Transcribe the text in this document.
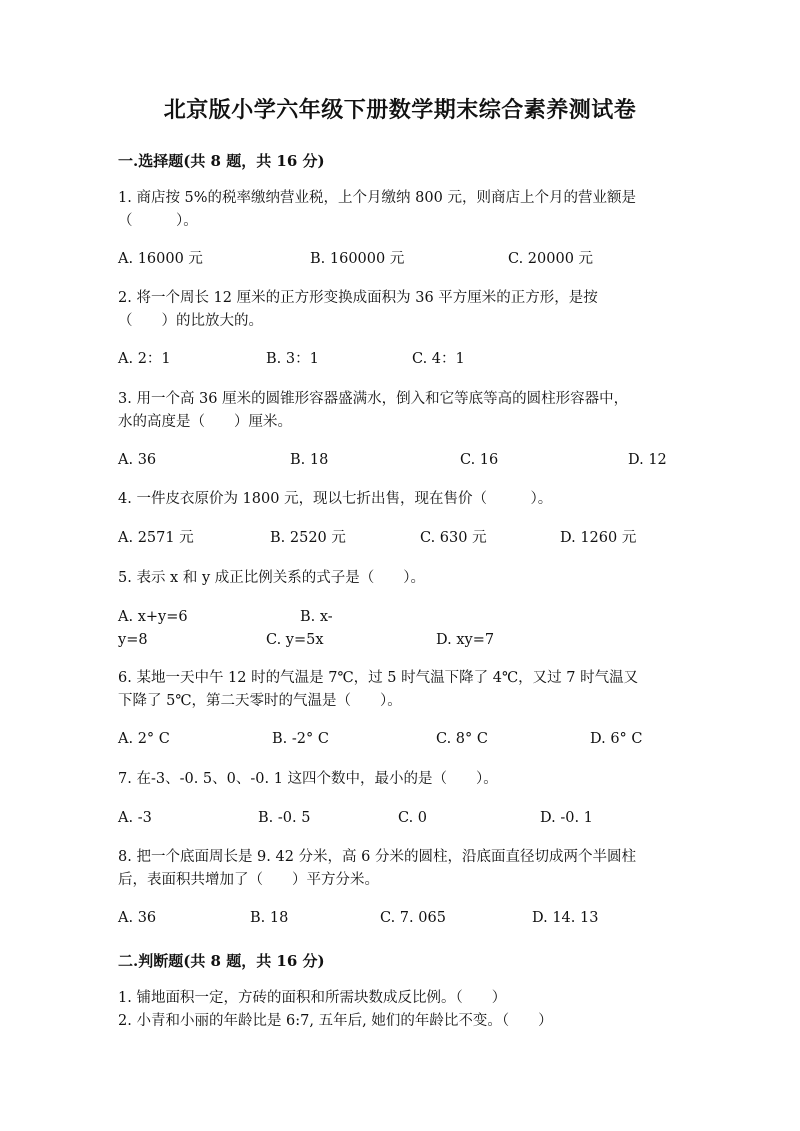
北京版小学六年级下册数学期末综合素养测试卷
一.选择题(共 8 题，共 16 分)
1. 商店按 5%的税率缴纳营业税，上个月缴纳 800 元，则商店上个月的营业额是
（　　　）。
A. 16000 元	B. 160000 元	C. 20000 元
2. 将一个周长 12 厘米的正方形变换成面积为 36 平方厘米的正方形，是按
（　　）的比放大的。
A. 2：1	B. 3：1	C. 4：1
3. 用一个高 36 厘米的圆锥形容器盛满水，倒入和它等底等高的圆柱形容器中，
水的高度是（　　）厘米。
A. 36	B. 18	C. 16	D. 12
4. 一件皮衣原价为 1800 元，现以七折出售，现在售价（　　　）。
A. 2571 元	B. 2520 元	C. 630 元	D. 1260 元
5. 表示 x 和 y 成正比例关系的式子是（　　）。
A. x+y=6	B. x-
y=8	C. y=5x	D. xy=7
6. 某地一天中午 12 时的气温是 7℃，过 5 时气温下降了 4℃，又过 7 时气温又
下降了 5℃，第二天零时的气温是（　　）。
A. 2° C	B. -2° C	C. 8° C	D. 6° C
7. 在-3、-0. 5、0、-0. 1 这四个数中，最小的是（　　）。
A. -3	B. -0. 5	C. 0	D. -0. 1
8. 把一个底面周长是 9. 42 分米，高 6 分米的圆柱，沿底面直径切成两个半圆柱
后，表面积共增加了（　　）平方分米。
A. 36	B. 18	C. 7. 065	D. 14. 13
二.判断题(共 8 题，共 16 分)
1. 铺地面积一定，方砖的面积和所需块数成反比例。（　　）
2. 小青和小丽的年龄比是 6:7, 五年后, 她们的年龄比不变。（　　）
